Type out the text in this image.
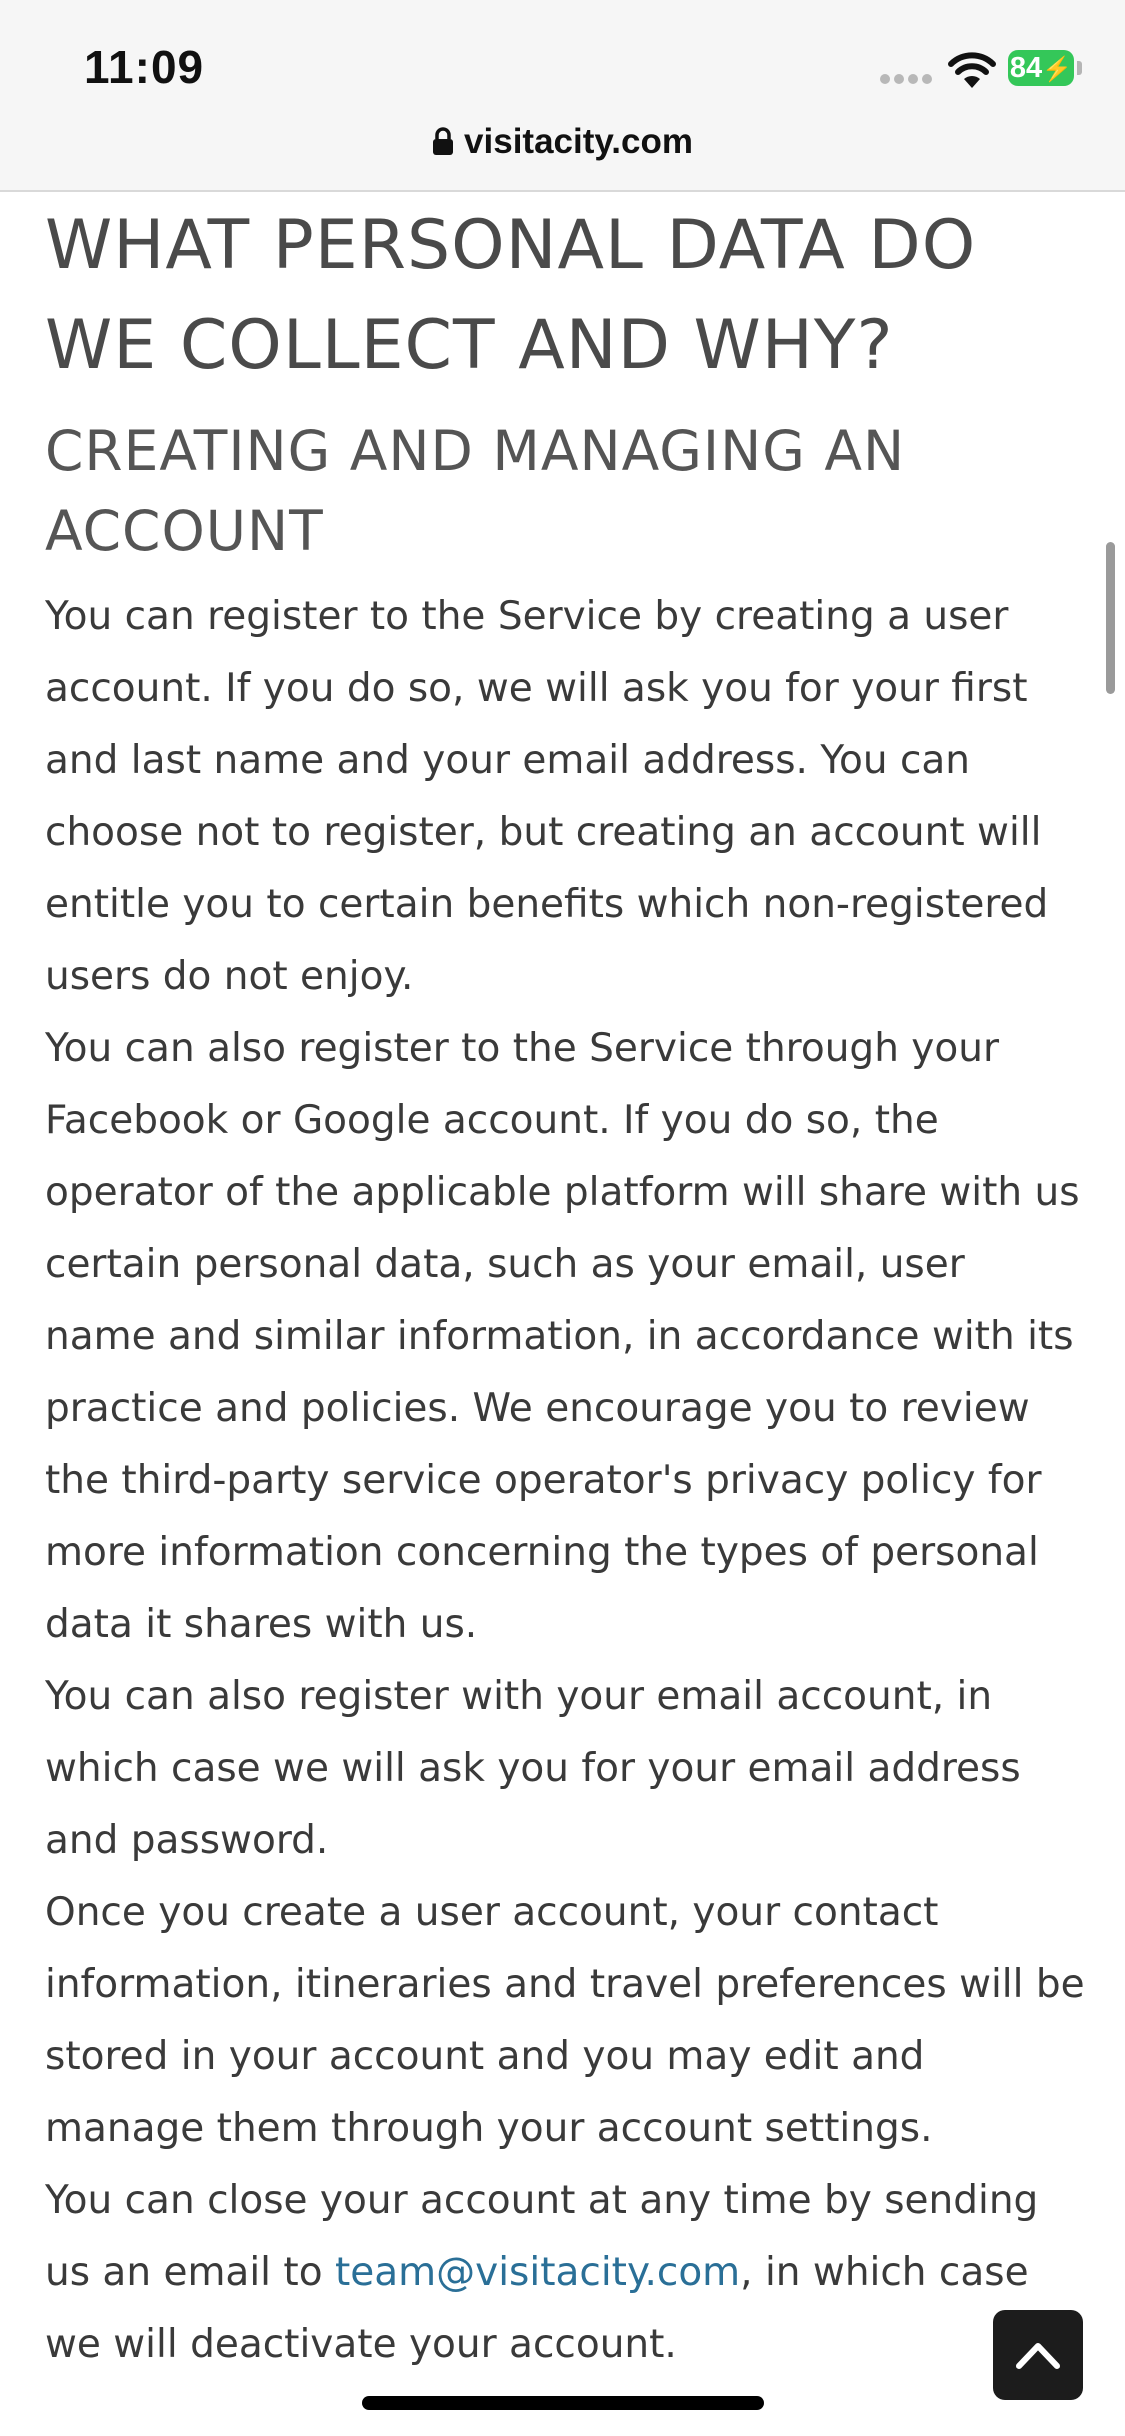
11:09	84⚡
visitacity.com
WHAT PERSONAL DATA DO WE COLLECT AND WHY?
CREATING AND MANAGING AN ACCOUNT

You can register to the Service by creating a user account. If you do so, we will ask you for your first and last name and your email address. You can choose not to register, but creating an account will entitle you to certain benefits which non-registered users do not enjoy.

You can also register to the Service through your Facebook or Google account. If you do so, the operator of the applicable platform will share with us certain personal data, such as your email, user name and similar information, in accordance with its practice and policies. We encourage you to review the third-party service operator's privacy policy for more information concerning the types of personal data it shares with us.

You can also register with your email account, in which case we will ask you for your email address and password.

Once you create a user account, your contact information, itineraries and travel preferences will be stored in your account and you may edit and manage them through your account settings.

You can close your account at any time by sending us an email to team@visitacity.com, in which case we will deactivate your account.
